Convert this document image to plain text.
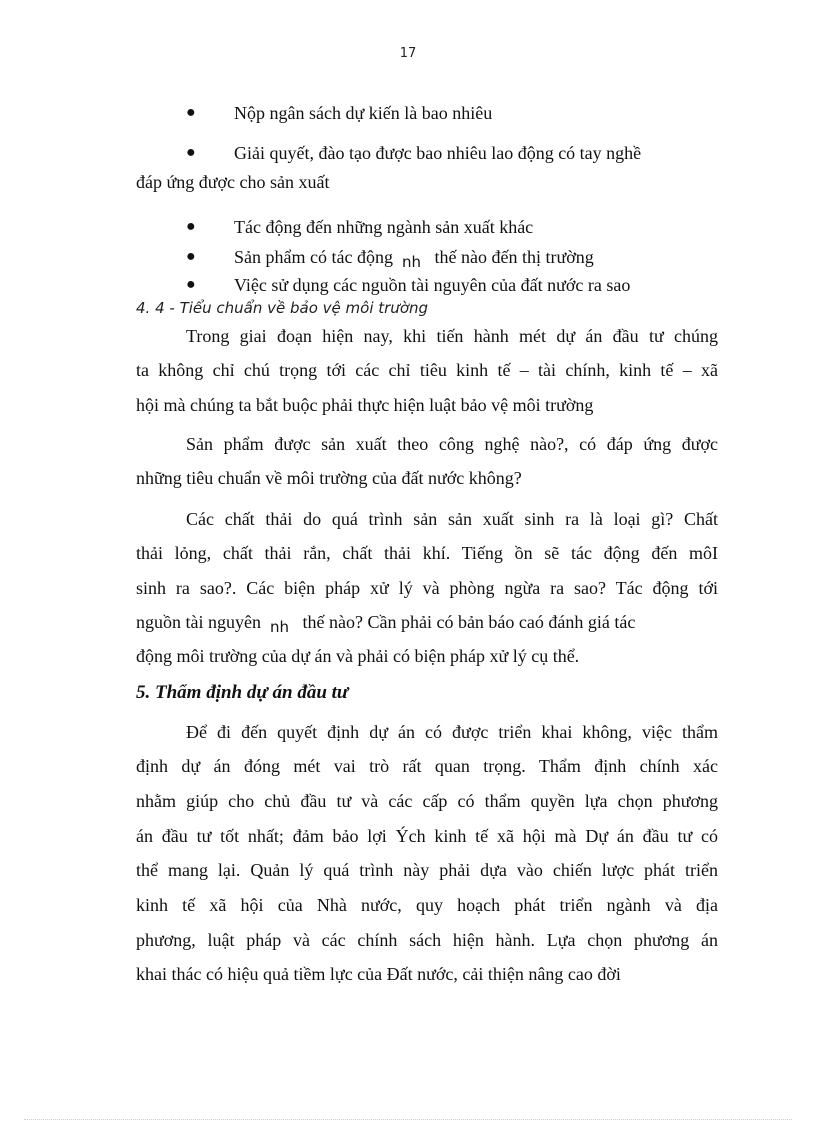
17
● Nộp ngân sách dự kiến là bao nhiêu
● Giải quyết, đào tạo được bao nhiêu lao động có tay nghề
đáp ứng được cho sản xuất
● Tác động đến những ngành sản xuất khác
● Sản phẩm có tác động $_{nh}$ thế nào đến thị trường
● Việc sử dụng các nguồn tài nguyên của đất nước ra sao
4. 4 - Tiểu chuẩn về bảo vệ môi trường
Trong giai đoạn hiện nay, khi tiến hành mét dự án đầu tư chúng
ta không chỉ chú trọng tới các chỉ tiêu kinh tế – tài chính, kinh tế – xã
hội mà chúng ta bắt buộc phải thực hiện luật bảo vệ môi trường
Sản phẩm được sản xuất theo công nghệ nào?, có đáp ứng được
những tiêu chuẩn về môi trường của đất nước không?
Các chất thải do quá trình sản sản xuất sinh ra là loại gì? Chất
thải lỏng, chất thải rắn, chất thải khí. Tiếng ồn sẽ tác động đến môI
sinh ra sao?. Các biện pháp xử lý và phòng ngừa ra sao? Tác động tới
nguồn tài nguyên $_{nh}$ thế nào? Cần phải có bản báo caó đánh giá tác
động môi trường của dự án và phải có biện pháp xử lý cụ thể.
5. Thẩm định dự án đầu tư
Để đi đến quyết định dự án có được triển khai không, việc thẩm
định dự án đóng mét vai trò rất quan trọng. Thẩm định chính xác
nhằm giúp cho chủ đầu tư và các cấp có thẩm quyền lựa chọn phương
án đầu tư tốt nhất; đảm bảo lợi Ých kinh tế xã hội mà Dự án đầu tư có
thể mang lại. Quản lý quá trình này phải dựa vào chiến lược phát triển
kinh tế xã hội của Nhà nước, quy hoạch phát triển ngành và địa
phương, luật pháp và các chính sách hiện hành. Lựa chọn phương án
khai thác có hiệu quả tiềm lực của Đất nước, cải thiện nâng cao đời
